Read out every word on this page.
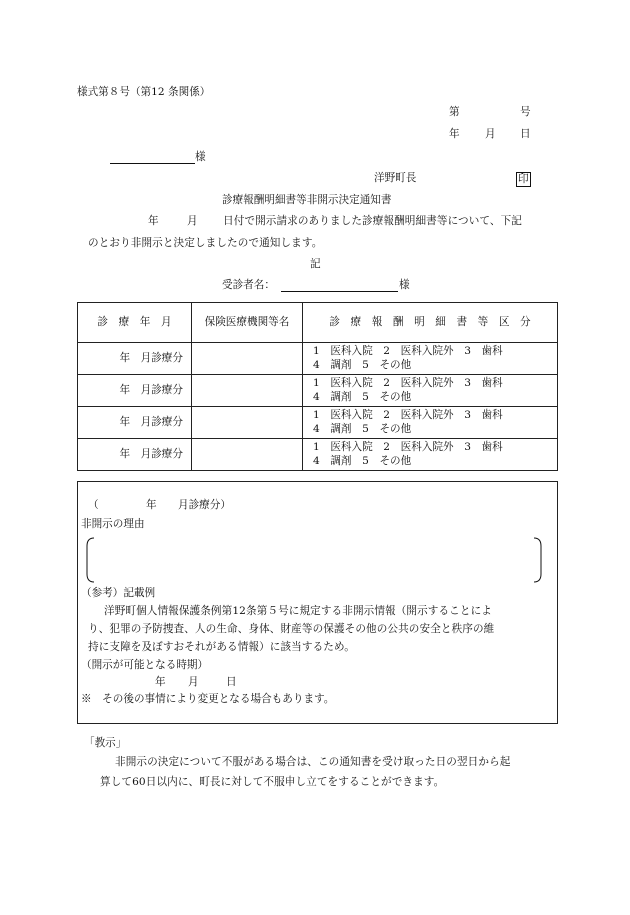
様式第８号（第12 条関係）
第	号
年 月 日
様
洋野町長	印
診療報酬明細書等非開示決定通知書
年	月 日付で開示請求のありました診療報酬明細書等について、下記
のとおり非開示と決定しましたので通知します。
記
受診者名：	様
診　療　年　月	保険医療機関等名	診　療　報　酬　明　細　書　等　区　分
年　月診療分		1　医科入院　2　医科入院外　3　歯科
4　調剤　5　その他

年　月診療分		1　医科入院　2　医科入院外　3　歯科
4　調剤　5　その他

年　月診療分		1　医科入院　2　医科入院外　3　歯科
4　調剤　5　その他

年　月診療分		1　医科入院　2　医科入院外　3　歯科
4　調剤　5　その他
（	年 月診療分）
非開示の理由
（参考）記載例
洋野町個人情報保護条例第12条第５号に規定する非開示情報（開示することによ
り、犯罪の予防捜査、人の生命、身体、財産等の保護その他の公共の安全と秩序の維
持に支障を及ぼすおそれがある情報）に該当するため。
（開示が可能となる時期）
年 月	日
※　その後の事情により変更となる場合もあります。
「教示」
非開示の決定について不服がある場合は、この通知書を受け取った日の翌日から起
算して60日以内に、町長に対して不服申し立てをすることができます。
